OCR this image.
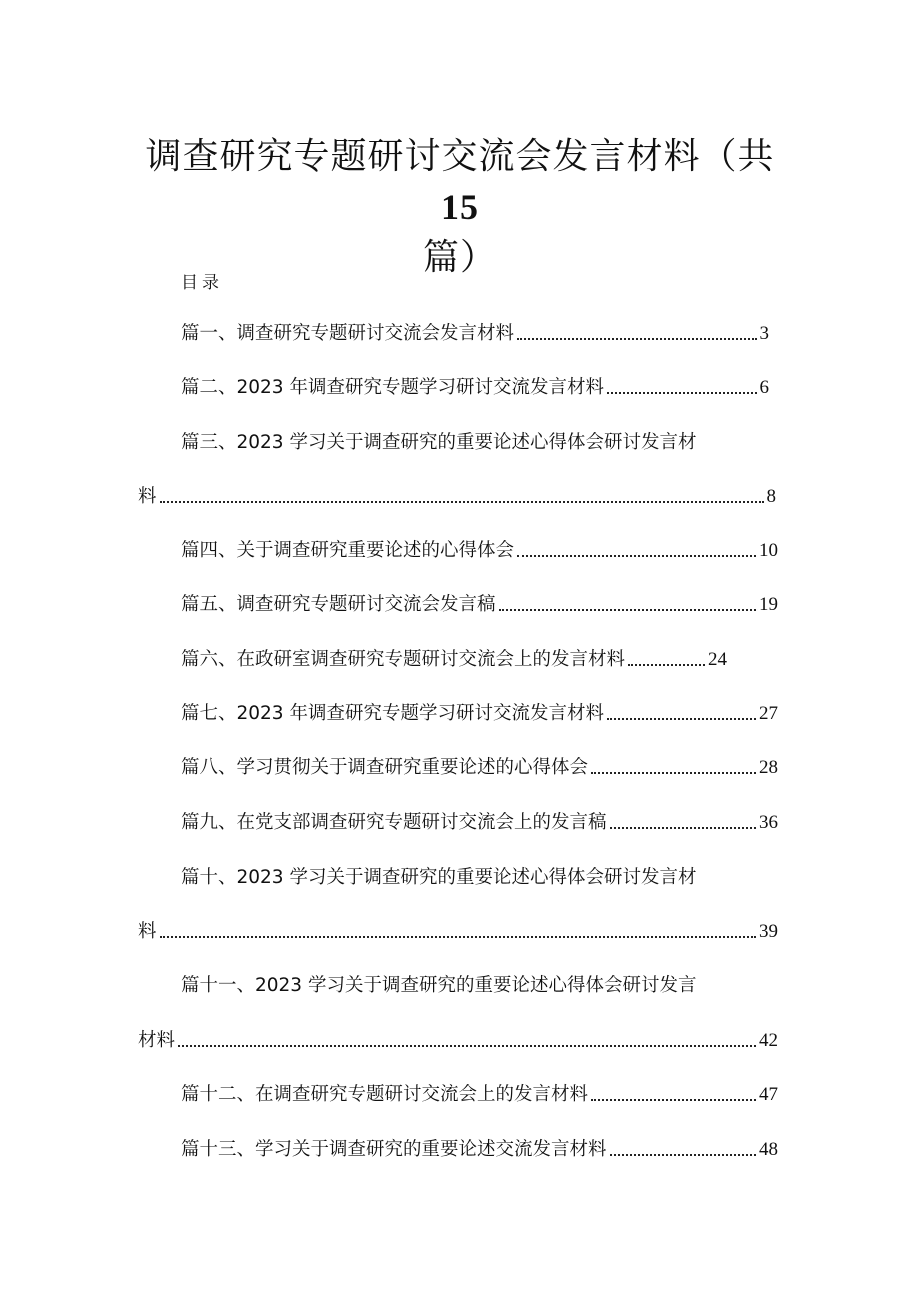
调查研究专题研讨交流会发言材料（共15
篇）
目录
篇一、调查研究专题研讨交流会发言材料	3
篇二、2023 年调查研究专题学习研讨交流发言材料	6
篇三、2023 学习关于调查研究的重要论述心得体会研讨发言材
料	8
篇四、关于调查研究重要论述的心得体会	10
篇五、调查研究专题研讨交流会发言稿	19
篇六、在政研室调查研究专题研讨交流会上的发言材料	24
篇七、2023 年调查研究专题学习研讨交流发言材料	27
篇八、学习贯彻关于调查研究重要论述的心得体会	28
篇九、在党支部调查研究专题研讨交流会上的发言稿	36
篇十、2023 学习关于调查研究的重要论述心得体会研讨发言材
料	39
篇十一、2023 学习关于调查研究的重要论述心得体会研讨发言
材料	42
篇十二、在调查研究专题研讨交流会上的发言材料	47
篇十三、学习关于调查研究的重要论述交流发言材料	48
